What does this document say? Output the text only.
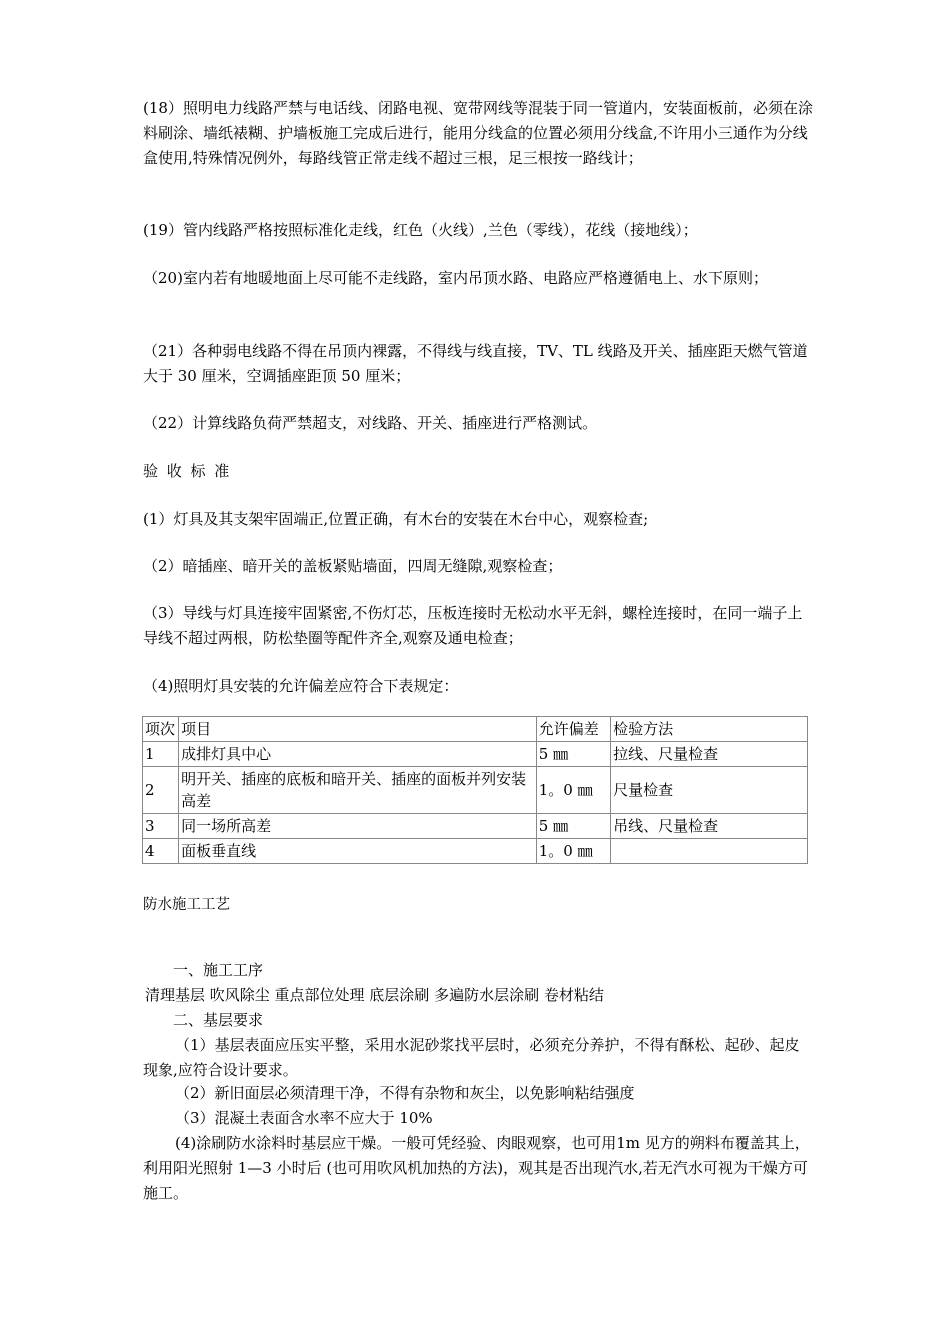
(18）照明电力线路严禁与电话线、闭路电视、宽带网线等混装于同一管道内，安装面板前，必须在涂料刷涂、墙纸裱糊、护墙板施工完成后进行，能用分线盒的位置必须用分线盒,不许用小三通作为分线盒使用,特殊情况例外，每路线管正常走线不超过三根，足三根按一路线计；

(19）管内线路严格按照标准化走线，红色（火线）,兰色（零线），花线（接地线）；

（20)室内若有地暖地面上尽可能不走线路，室内吊顶水路、电路应严格遵循电上、水下原则；

（21）各种弱电线路不得在吊顶内裸露，不得线与线直接，TV、TL 线路及开关、插座距天燃气管道大于 30 厘米，空调插座距顶 50 厘米；

（22）计算线路负荷严禁超支，对线路、开关、插座进行严格测试。

验 收 标 准

(1）灯具及其支架牢固端正,位置正确，有木台的安装在木台中心，观察检查;

（2）暗插座、暗开关的盖板紧贴墙面，四周无缝隙,观察检查；

（3）导线与灯具连接牢固紧密,不伤灯芯，压板连接时无松动水平无斜，螺栓连接时，在同一端子上导线不超过两根，防松垫圈等配件齐全,观察及通电检查；

（4)照明灯具安装的允许偏差应符合下表规定：

项次	项目	允许偏差	检验方法
1	成排灯具中心	5 ㎜	拉线、尺量检查
2	明开关、插座的底板和暗开关、插座的面板并列安装高差	1。0 ㎜	尺量检查
3	同一场所高差	5 ㎜	吊线、尺量检查
4	面板垂直线	1。0 ㎜	

防水施工工艺

一、施工工序

清理基层 吹风除尘 重点部位处理 底层涂刷 多遍防水层涂刷 卷材粘结

二、基层要求

（1）基层表面应压实平整，采用水泥砂浆找平层时，必须充分养护，不得有酥松、起砂、起皮现象,应符合设计要求。

（2）新旧面层必须清理干净，不得有杂物和灰尘，以免影响粘结强度

（3）混凝土表面含水率不应大于 10%

(4)涂刷防水涂料时基层应干燥。一般可凭经验、肉眼观察，也可用1m 见方的朔料布覆盖其上，利用阳光照射 1—3 小时后 (也可用吹风机加热的方法)，观其是否出现汽水,若无汽水可视为干燥方可施工。
